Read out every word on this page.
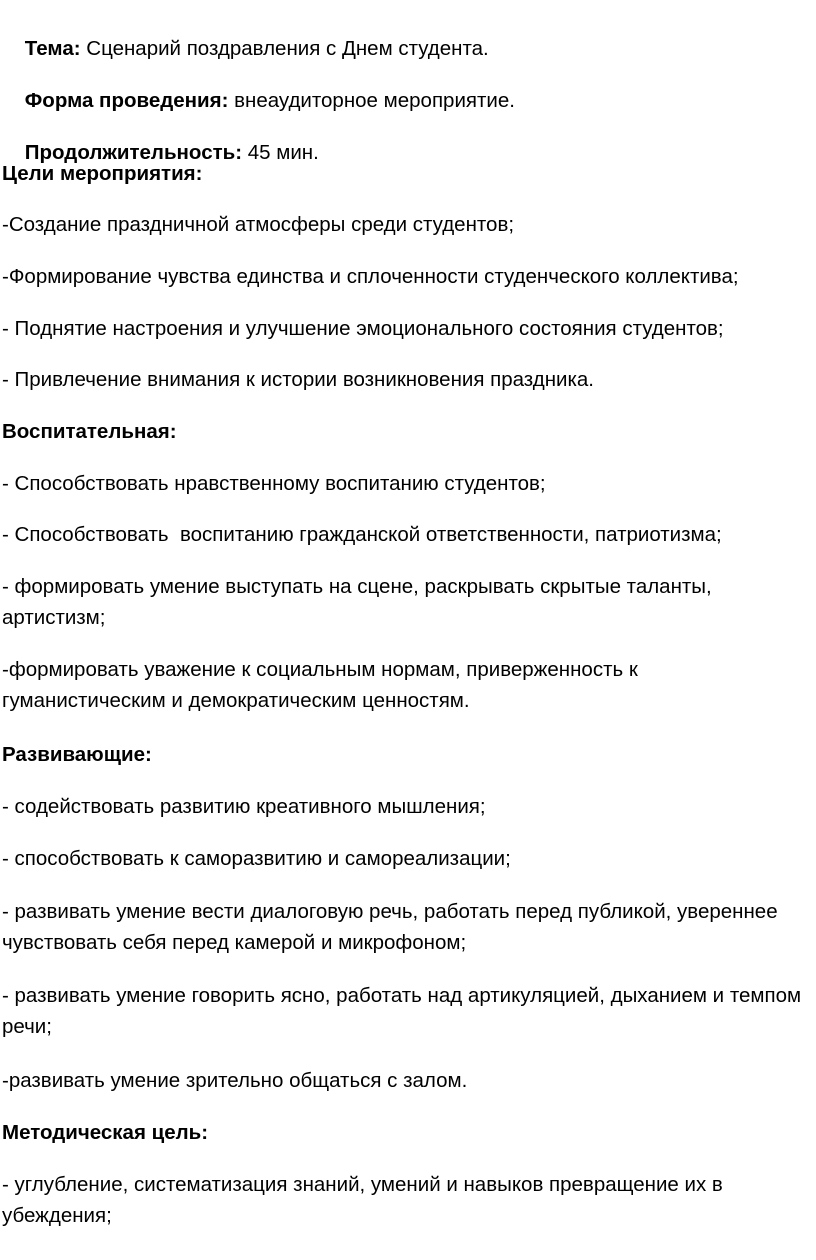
Тема: Сценарий поздравления с Днем студента.

Форма проведения: внеаудиторное мероприятие.

Продолжительность: 45 мин.

Цели мероприятия:

-Создание праздничной атмосферы среди студентов;

-Формирование чувства единства и сплоченности студенческого коллектива;

- Поднятие настроения и улучшение эмоционального состояния студентов;

- Привлечение внимания к истории возникновения праздника.

Воспитательная:

- Способствовать нравственному воспитанию студентов;

- Способствовать  воспитанию гражданской ответственности, патриотизма;

- формировать умение выступать на сцене, раскрывать скрытые таланты, артистизм;

-формировать уважение к социальным нормам, приверженность к гуманистическим и демократическим ценностям.

Развивающие:

- содействовать развитию креативного мышления;

- способствовать к саморазвитию и самореализации;

- развивать умение вести диалоговую речь, работать перед публикой, увереннее чувствовать себя перед камерой и микрофоном;

- развивать умение говорить ясно, работать над артикуляцией, дыханием и темпом речи;

-развивать умение зрительно общаться с залом.

Методическая цель:

- углубление, систематизация знаний, умений и навыков превращение их в убеждения;
